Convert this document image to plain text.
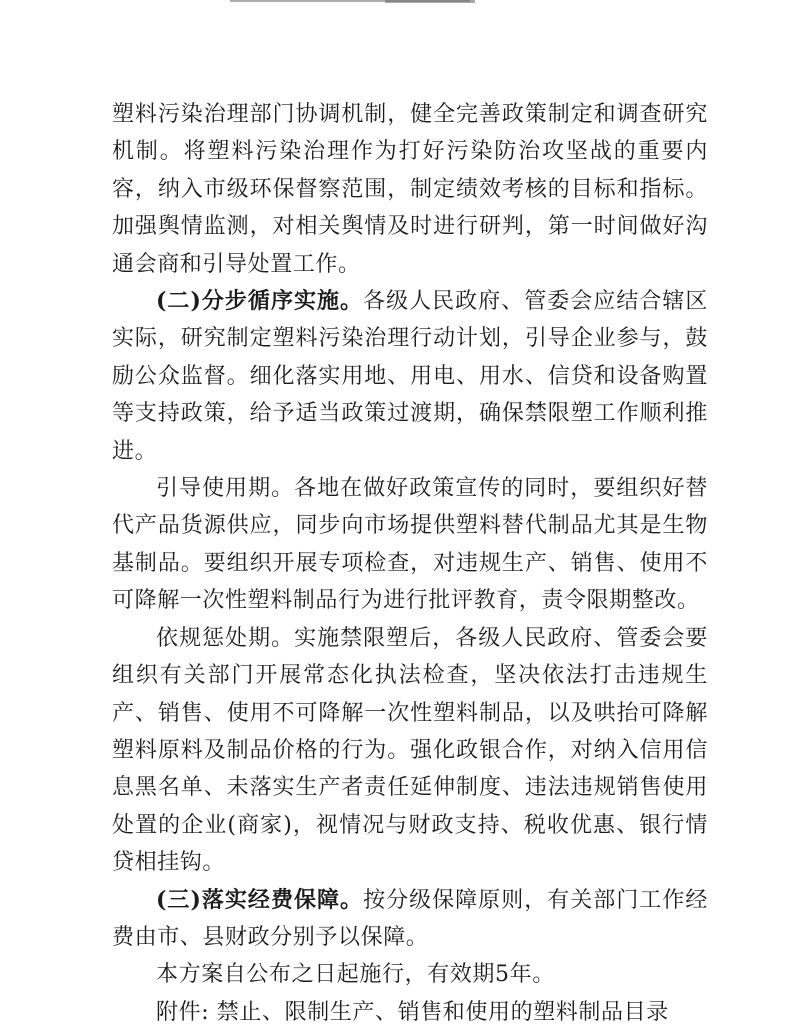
塑料污染治理部门协调机制，健全完善政策制定和调查研究机制。将塑料污染治理作为打好污染防治攻坚战的重要内容，纳入市级环保督察范围，制定绩效考核的目标和指标。加强舆情监测，对相关舆情及时进行研判，第一时间做好沟通会商和引导处置工作。

(二)分步循序实施。各级人民政府、管委会应结合辖区实际，研究制定塑料污染治理行动计划，引导企业参与，鼓励公众监督。细化落实用地、用电、用水、信贷和设备购置等支持政策，给予适当政策过渡期，确保禁限塑工作顺利推进。

引导使用期。各地在做好政策宣传的同时，要组织好替代产品货源供应，同步向市场提供塑料替代制品尤其是生物基制品。要组织开展专项检查，对违规生产、销售、使用不可降解一次性塑料制品行为进行批评教育，责令限期整改。

依规惩处期。实施禁限塑后，各级人民政府、管委会要组织有关部门开展常态化执法检查，坚决依法打击违规生产、销售、使用不可降解一次性塑料制品，以及哄抬可降解塑料原料及制品价格的行为。强化政银合作，对纳入信用信息黑名单、未落实生产者责任延伸制度、违法违规销售使用处置的企业(商家)，视情况与财政支持、税收优惠、银行情贷相挂钩。

(三)落实经费保障。按分级保障原则，有关部门工作经费由市、县财政分别予以保障。

本方案自公布之日起施行，有效期5年。

附件: 禁止、限制生产、销售和使用的塑料制品目录
